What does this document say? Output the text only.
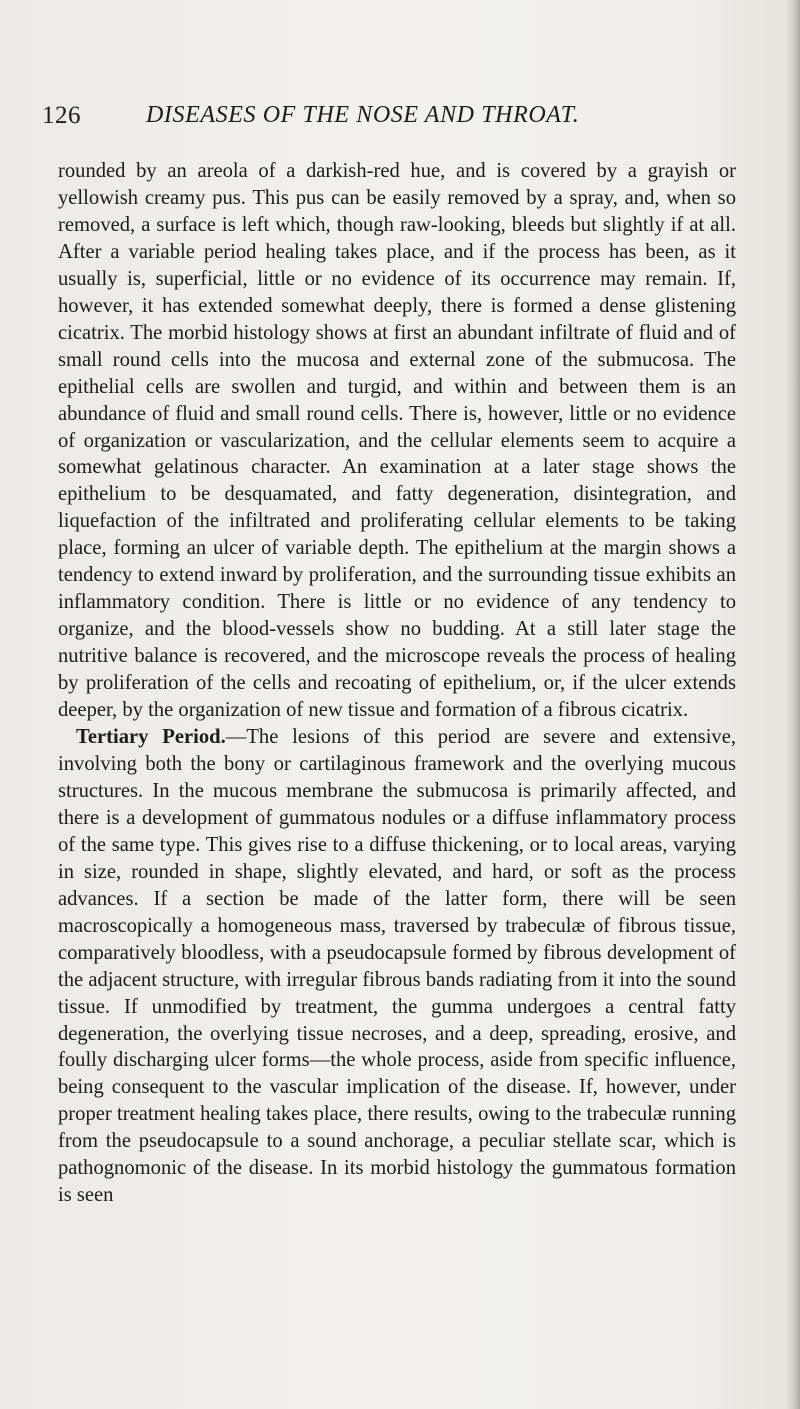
126	DISEASES OF THE NOSE AND THROAT.

rounded by an areola of a darkish-red hue, and is covered by a grayish or yellowish creamy pus. This pus can be easily removed by a spray, and, when so removed, a surface is left which, though raw-looking, bleeds but slightly if at all. After a variable period healing takes place, and if the process has been, as it usually is, superficial, little or no evidence of its occurrence may remain. If, however, it has extended somewhat deeply, there is formed a dense glistening cicatrix. The morbid histology shows at first an abundant infiltrate of fluid and of small round cells into the mucosa and external zone of the submucosa. The epithelial cells are swollen and turgid, and within and between them is an abundance of fluid and small round cells. There is, however, little or no evidence of organization or vascularization, and the cellular elements seem to acquire a somewhat gelatinous character. An examination at a later stage shows the epithelium to be desquamated, and fatty degeneration, disintegration, and liquefaction of the infiltrated and proliferating cellular elements to be taking place, forming an ulcer of variable depth. The epithelium at the margin shows a tendency to extend inward by proliferation, and the surrounding tissue exhibits an inflammatory condition. There is little or no evidence of any tendency to organize, and the blood-vessels show no budding. At a still later stage the nutritive balance is recovered, and the microscope reveals the process of healing by proliferation of the cells and recoating of epithelium, or, if the ulcer extends deeper, by the organization of new tissue and formation of a fibrous cicatrix.

Tertiary Period.—The lesions of this period are severe and extensive, involving both the bony or cartilaginous framework and the overlying mucous structures. In the mucous membrane the submucosa is primarily affected, and there is a development of gummatous nodules or a diffuse inflammatory process of the same type. This gives rise to a diffuse thickening, or to local areas, varying in size, rounded in shape, slightly elevated, and hard, or soft as the process advances. If a section be made of the latter form, there will be seen macroscopically a homogeneous mass, traversed by trabeculæ of fibrous tissue, comparatively bloodless, with a pseudocapsule formed by fibrous development of the adjacent structure, with irregular fibrous bands radiating from it into the sound tissue. If unmodified by treatment, the gumma undergoes a central fatty degeneration, the overlying tissue necroses, and a deep, spreading, erosive, and foully discharging ulcer forms—the whole process, aside from specific influence, being consequent to the vascular implication of the disease. If, however, under proper treatment healing takes place, there results, owing to the trabeculæ running from the pseudocapsule to a sound anchorage, a peculiar stellate scar, which is pathognomonic of the disease. In its morbid histology the gummatous formation is seen
